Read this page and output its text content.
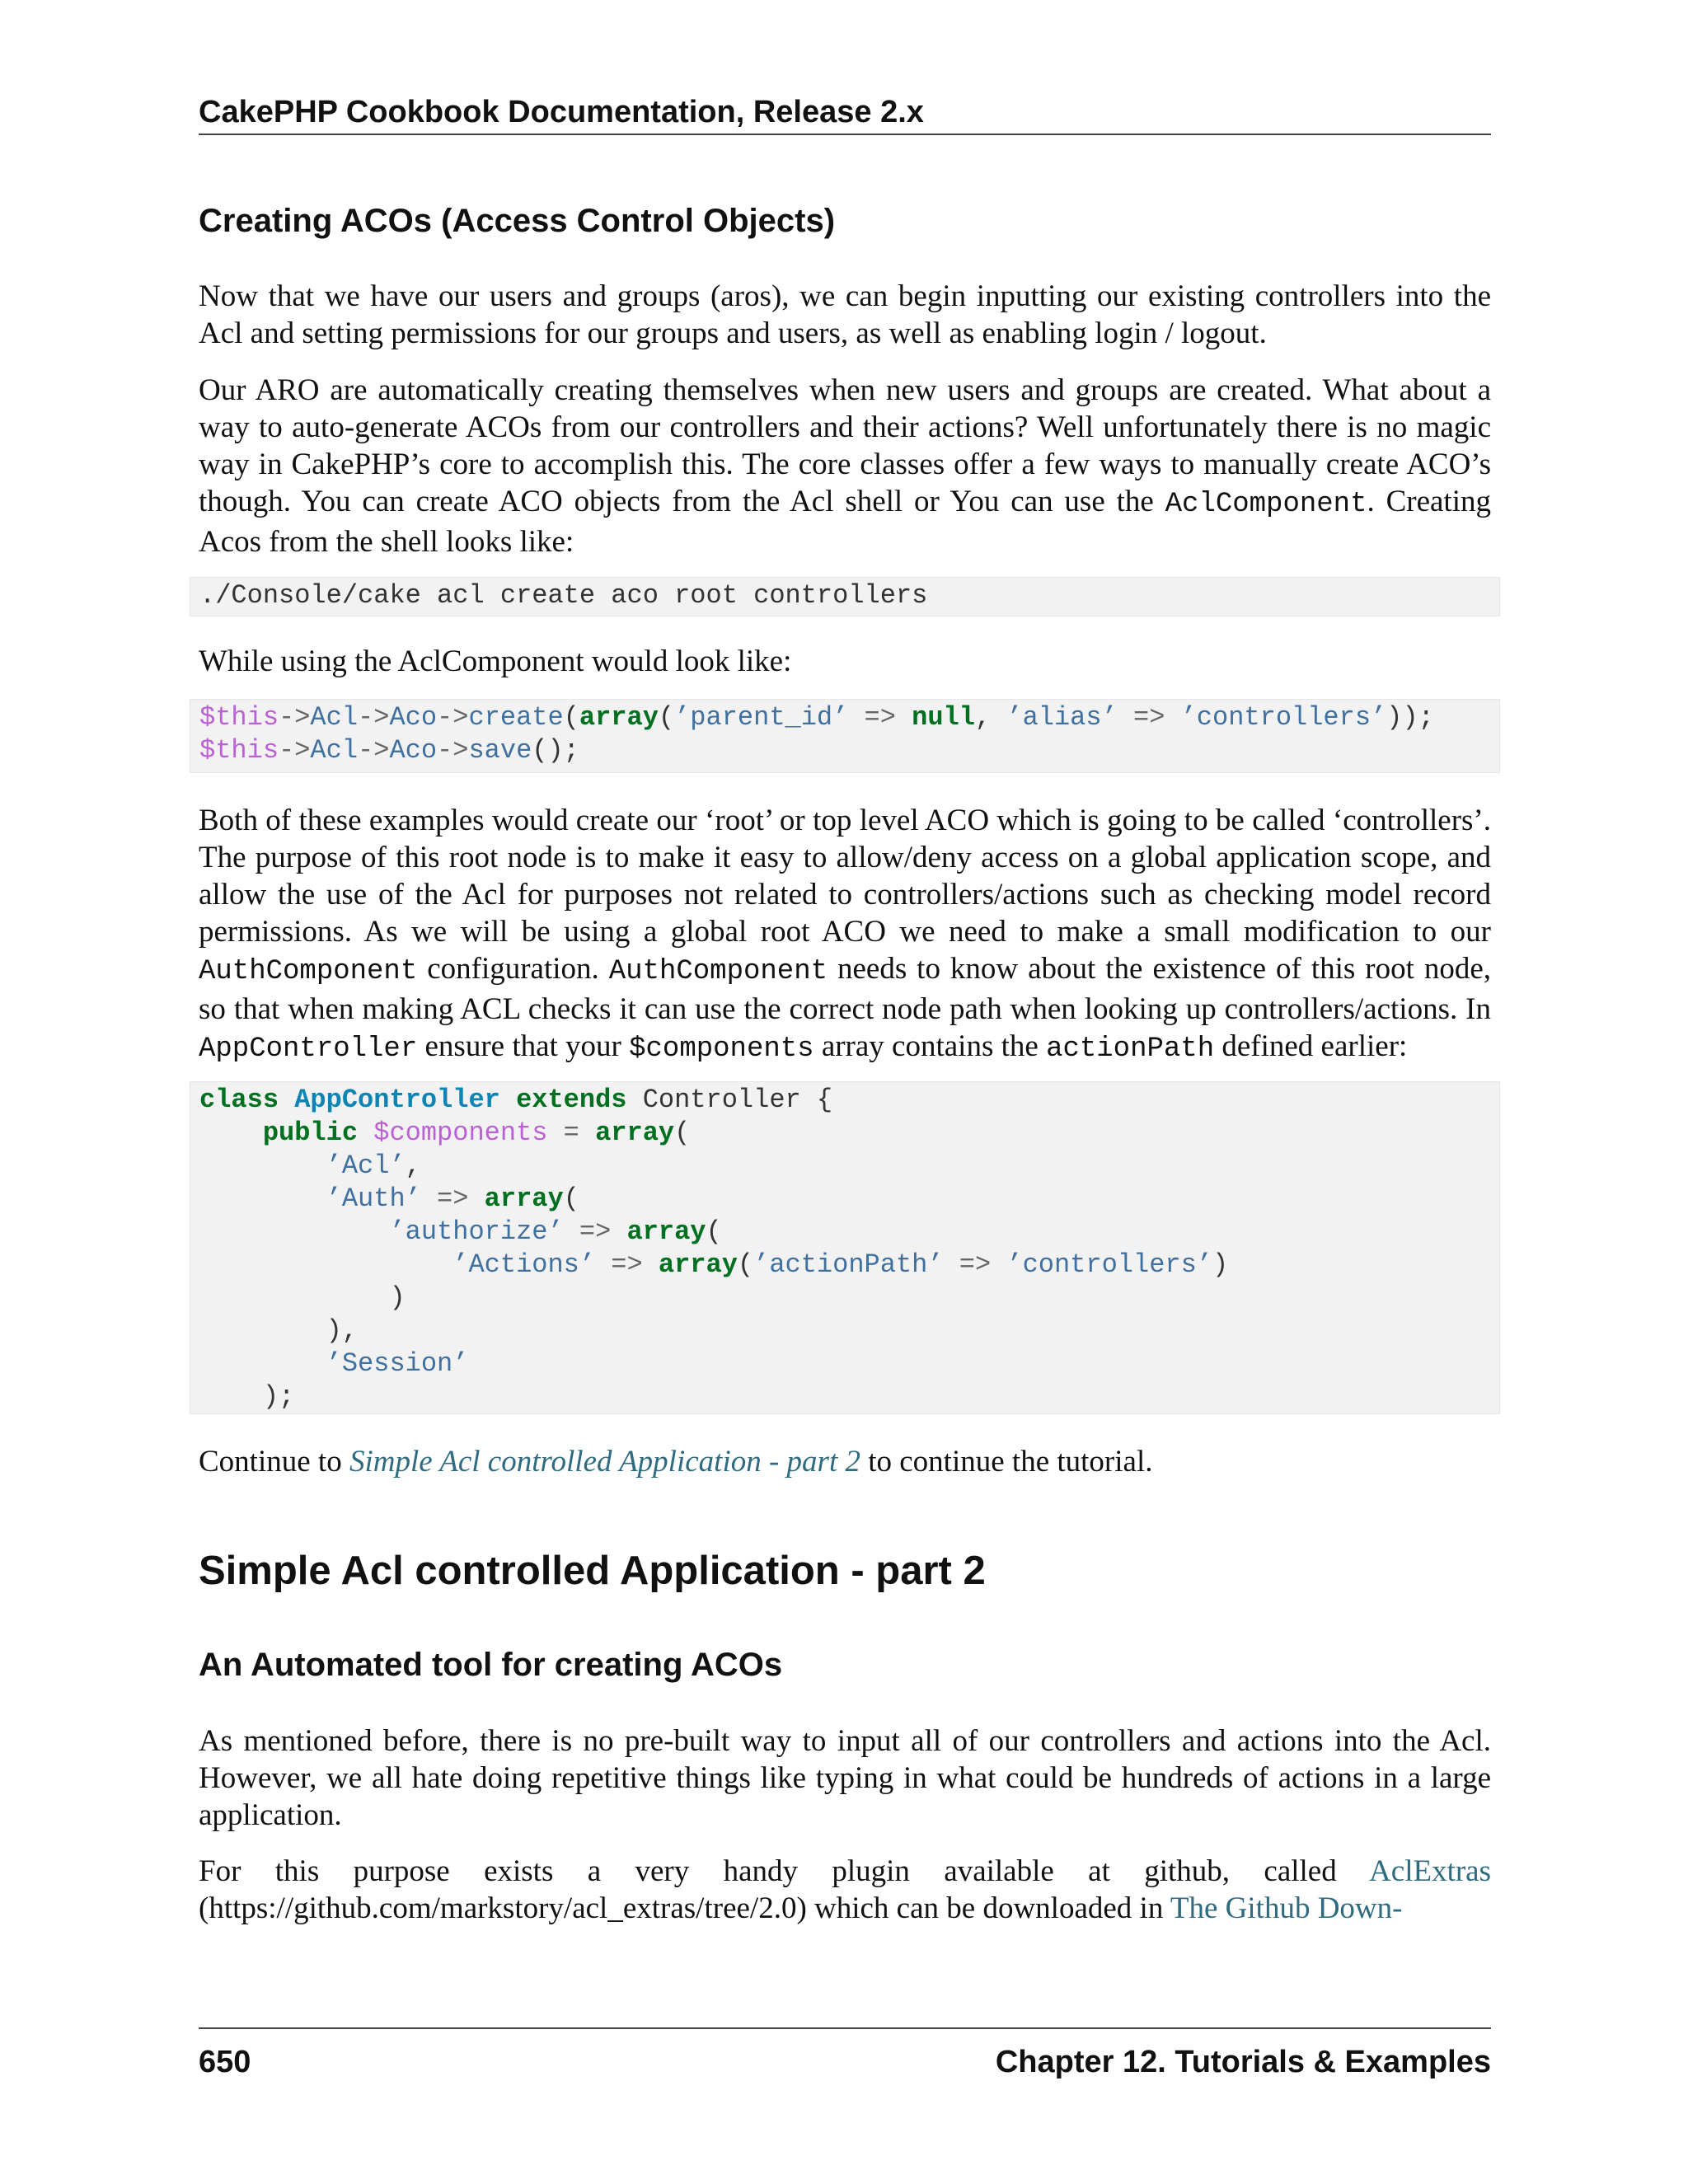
CakePHP Cookbook Documentation, Release 2.x
Creating ACOs (Access Control Objects)

Now that we have our users and groups (aros), we can begin inputting our existing controllers into the Acl and setting permissions for our groups and users, as well as enabling login / logout.

Our ARO are automatically creating themselves when new users and groups are created. What about a way to auto-generate ACOs from our controllers and their actions? Well unfortunately there is no magic way in CakePHP’s core to accomplish this. The core classes offer a few ways to manually create ACO’s though. You can create ACO objects from the Acl shell or You can use the AclComponent. Creating Acos from the shell looks like:

./Console/cake acl create aco root controllers

While using the AclComponent would look like:

$this->Acl->Aco->create(array(’parent_id’ => null, ’alias’ => ’controllers’));
$this->Acl->Aco->save();

Both of these examples would create our ‘root’ or top level ACO which is going to be called ‘controllers’. The purpose of this root node is to make it easy to allow/deny access on a global application scope, and allow the use of the Acl for purposes not related to controllers/actions such as checking model record permissions. As we will be using a global root ACO we need to make a small modification to our AuthComponent configuration. AuthComponent needs to know about the existence of this root node, so that when making ACL checks it can use the correct node path when looking up controllers/actions. In AppController ensure that your $components array contains the actionPath defined earlier:

class AppController extends Controller {
public $components = array(
’Acl’,
’Auth’ => array(
’authorize’ => array(
’Actions’ => array(’actionPath’ => ’controllers’)
)
),
’Session’
);

Continue to Simple Acl controlled Application - part 2 to continue the tutorial.

Simple Acl controlled Application - part 2
An Automated tool for creating ACOs

As mentioned before, there is no pre-built way to input all of our controllers and actions into the Acl. However, we all hate doing repetitive things like typing in what could be hundreds of actions in a large application.

For this purpose exists a very handy plugin available at github, called AclExtras (https://github.com/markstory/acl_extras/tree/2.0) which can be downloaded in The Github Down-

650	Chapter 12. Tutorials & Examples
